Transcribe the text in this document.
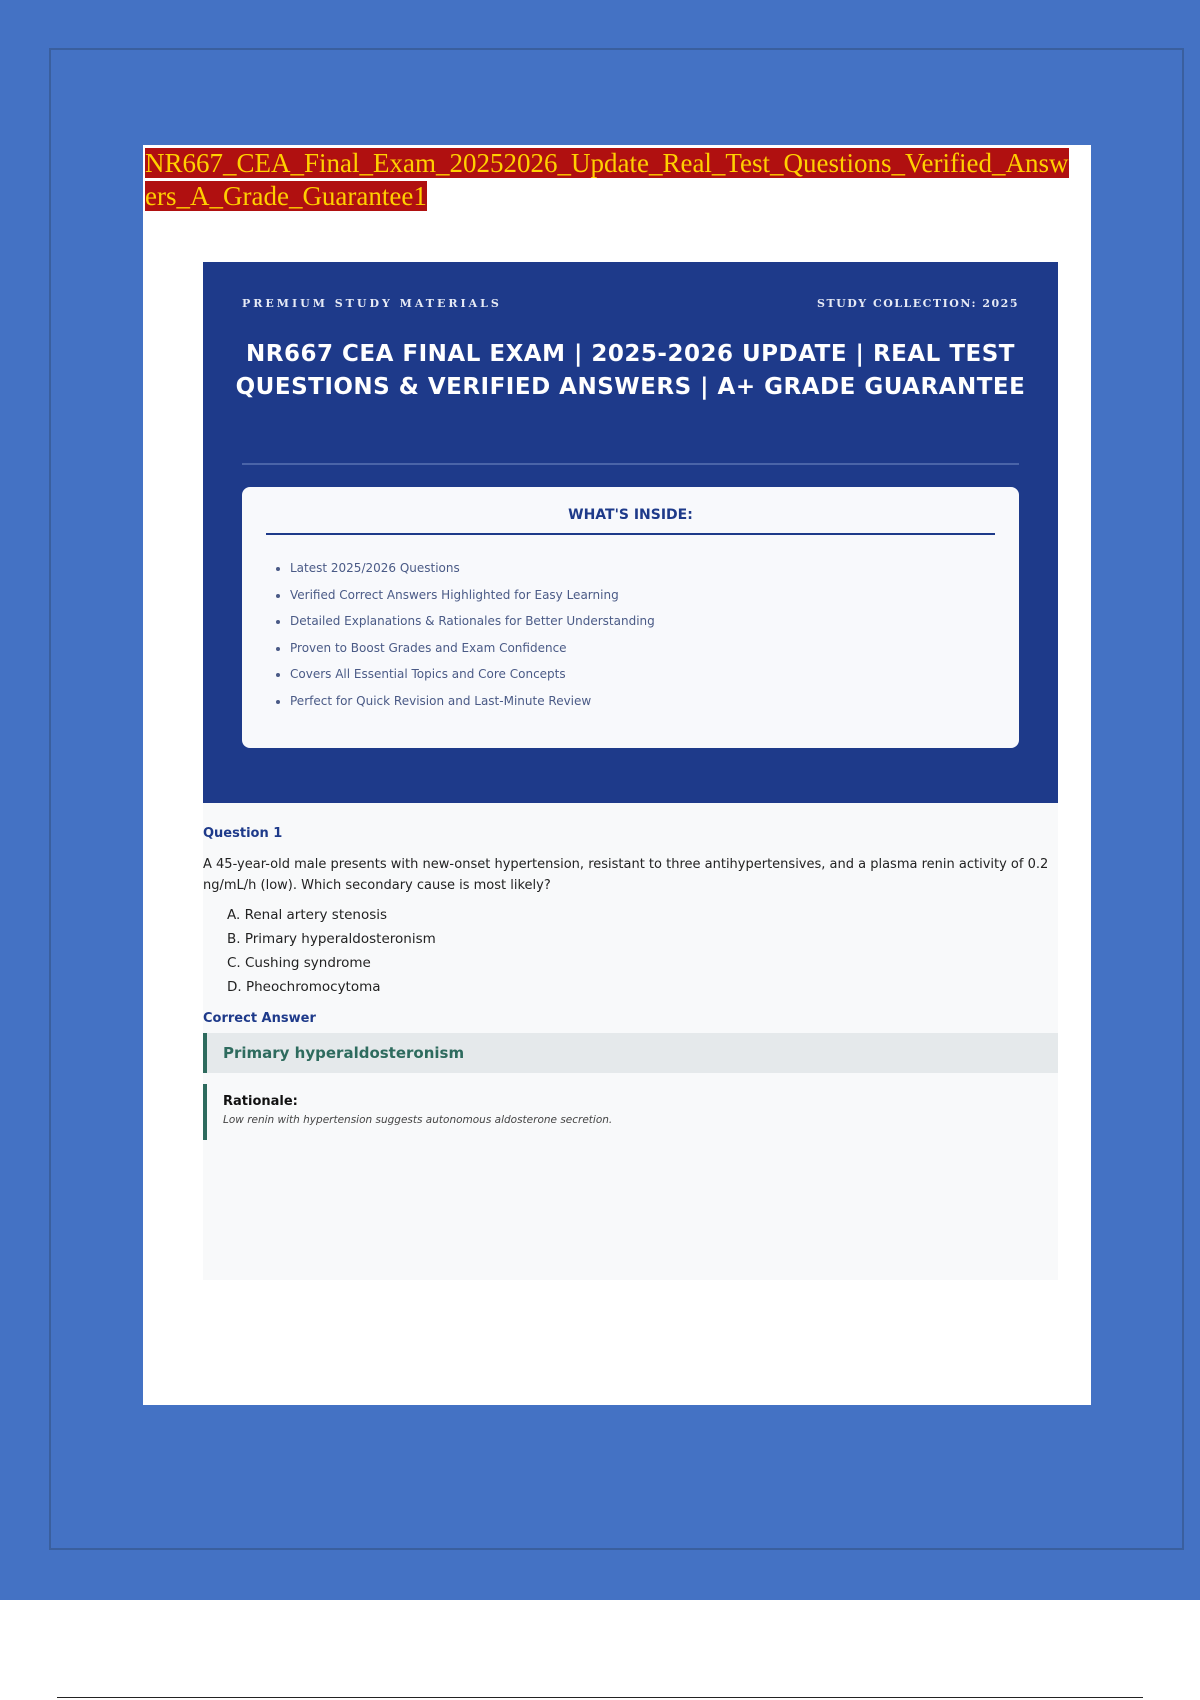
NR667_CEA_Final_Exam_20252026_Update_Real_Test_Questions_Verified_Answers_A_Grade_Guarantee1

PREMIUM STUDY MATERIALS	STUDY COLLECTION: 2025
NR667 CEA FINAL EXAM | 2025-2026 UPDATE | REAL TEST QUESTIONS & VERIFIED ANSWERS | A+ GRADE GUARANTEE
WHAT'S INSIDE:
• Latest 2025/2026 Questions
• Verified Correct Answers Highlighted for Easy Learning
• Detailed Explanations & Rationales for Better Understanding
• Proven to Boost Grades and Exam Confidence
• Covers All Essential Topics and Core Concepts
• Perfect for Quick Revision and Last-Minute Review
Question 1

A 45-year-old male presents with new-onset hypertension, resistant to three antihypertensives, and a plasma renin activity of 0.2 ng/mL/h (low). Which secondary cause is most likely?

A. Renal artery stenosis
B. Primary hyperaldosteronism
C. Cushing syndrome
D. Pheochromocytoma
Correct Answer
Primary hyperaldosteronism
Rationale:
Low renin with hypertension suggests autonomous aldosterone secretion.
